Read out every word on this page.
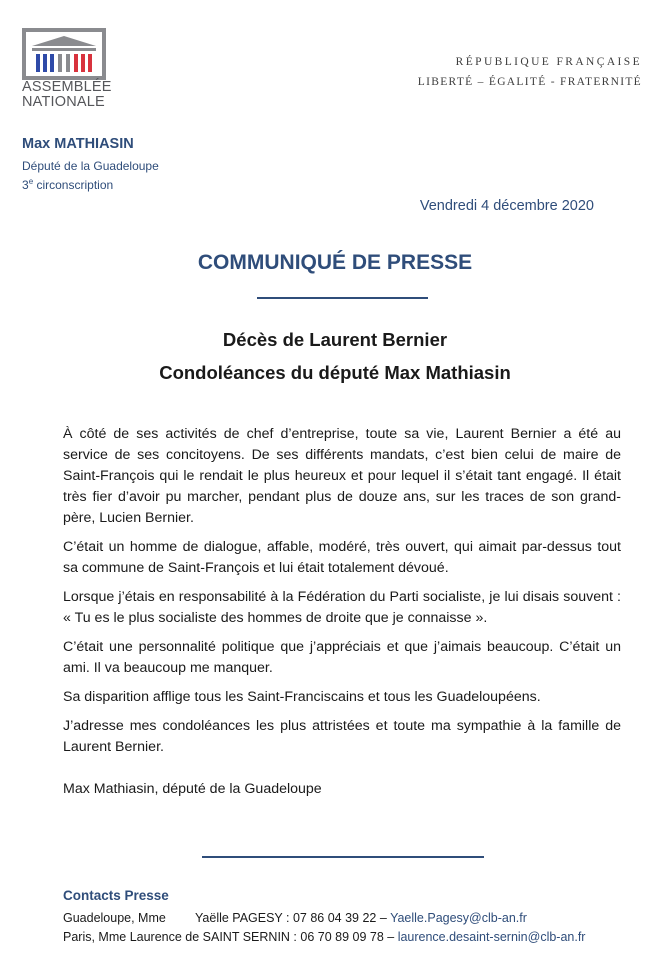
ASSEMBLÉE
NATIONALE
RÉPUBLIQUE FRANÇAISE
LIBERTÉ – ÉGALITÉ - FRATERNITÉ
Max MATHIASIN
Député de la Guadeloupe
3e circonscription
Vendredi 4 décembre 2020
COMMUNIQUÉ DE PRESSE
Décès de Laurent Bernier
Condoléances du député Max Mathiasin

À côté de ses activités de chef d’entreprise, toute sa vie, Laurent Bernier a été au service de ses concitoyens. De ses différents mandats, c’est bien celui de maire de Saint-François qui le rendait le plus heureux et pour lequel il s’était tant engagé. Il était très fier d’avoir pu marcher, pendant plus de douze ans, sur les traces de son grand-père, Lucien Bernier.

C’était un homme de dialogue, affable, modéré, très ouvert, qui aimait par-dessus tout sa commune de Saint-François et lui était totalement dévoué.

Lorsque j’étais en responsabilité à la Fédération du Parti socialiste, je lui disais souvent : « Tu es le plus socialiste des hommes de droite que je connaisse ».

C’était une personnalité politique que j’appréciais et que j’aimais beaucoup. C’était un ami. Il va beaucoup me manquer.

Sa disparition afflige tous les Saint-Franciscains et tous les Guadeloupéens.

J’adresse mes condoléances les plus attristées et toute ma sympathie à la famille de Laurent Bernier.

Max Mathiasin, député de la Guadeloupe
Contacts Presse
Guadeloupe, Mme Yaëlle PAGESY : 07 86 04 39 22 – Yaelle.Pagesy@clb-an.fr
Paris, Mme Laurence de SAINT SERNIN : 06 70 89 09 78 – laurence.desaint-sernin@clb-an.fr
